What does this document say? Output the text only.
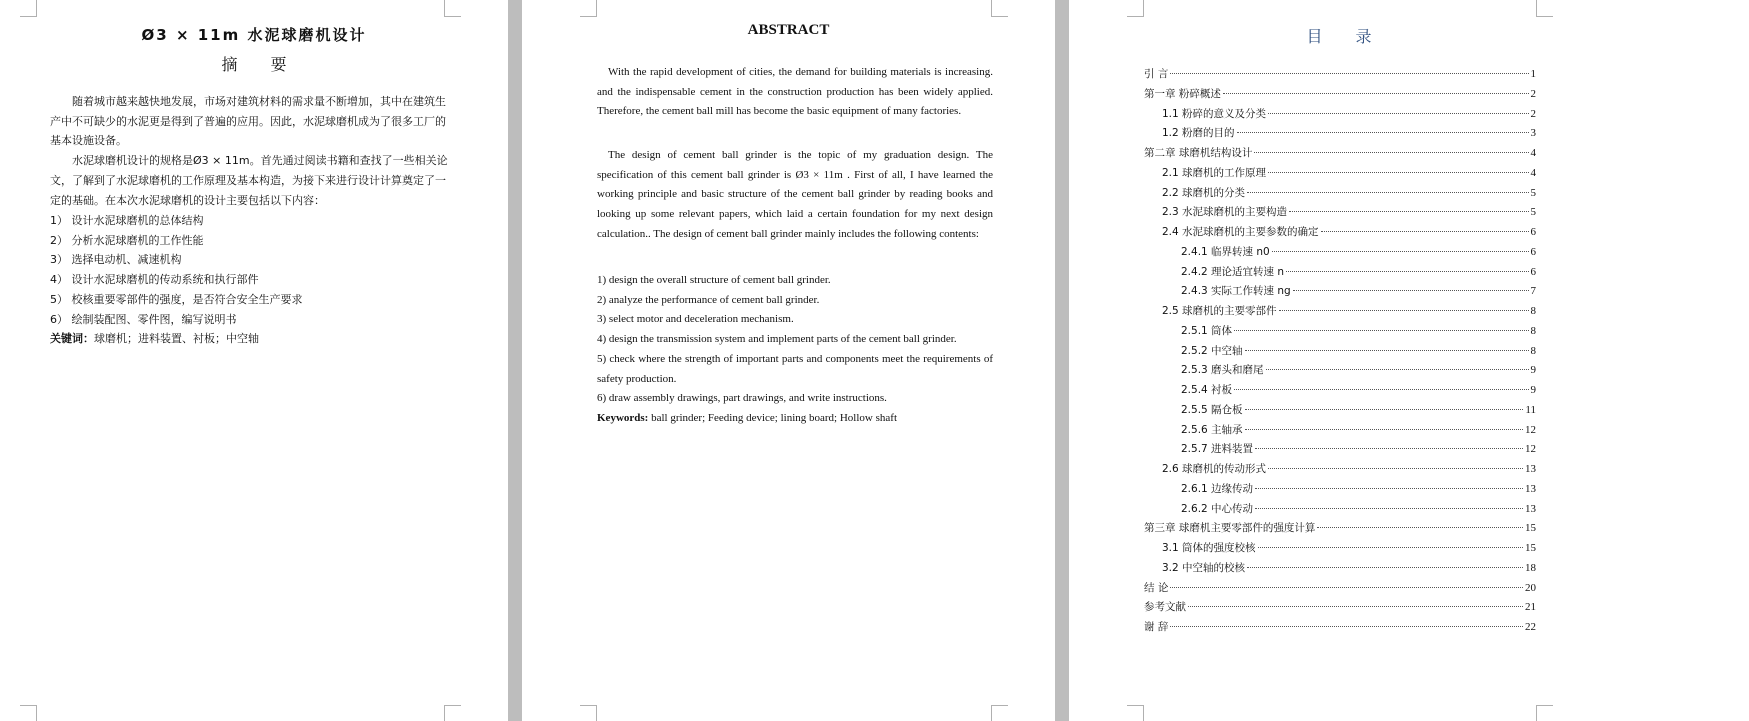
Ø3 × 11m 水泥球磨机设计
摘 要

随着城市越来越快地发展，市场对建筑材料的需求量不断增加，其中在建筑生产中不可缺少的水泥更是得到了普遍的应用。因此，水泥球磨机成为了很多工厂的基本设施设备。

水泥球磨机设计的规格是Ø3 × 11m。首先通过阅读书籍和查找了一些相关论文，了解到了水泥球磨机的工作原理及基本构造，为接下来进行设计计算奠定了一定的基础。在本次水泥球磨机的设计主要包括以下内容：

1） 设计水泥球磨机的总体结构
2） 分析水泥球磨机的工作性能
3） 选择电动机、减速机构
4） 设计水泥球磨机的传动系统和执行部件
5） 校核重要零部件的强度，是否符合安全生产要求
6） 绘制装配图、零件图，编写说明书
关键词：球磨机；进料装置、衬板；中空轴
ABSTRACT

With the rapid development of cities, the demand for building materials is increasing. and the indispensable cement in the construction production has been widely applied. Therefore, the cement ball mill has become the basic equipment of many factories.

The design of cement ball grinder is the topic of my graduation design. The specification of this cement ball grinder is Ø3 × 11m . First of all, I have learned the working principle and basic structure of the cement ball grinder by reading books and looking up some relevant papers, which laid a certain foundation for my next design calculation.. The design of cement ball grinder mainly includes the following contents:

1) design the overall structure of cement ball grinder.
2) analyze the performance of cement ball grinder.
3) select motor and deceleration mechanism.
4) design the transmission system and implement parts of the cement ball grinder.
5) check where the strength of important parts and components meet the requirements of safety production.
6) draw assembly drawings, part drawings, and write instructions.
Keywords: ball grinder; Feeding device; lining board; Hollow shaft
目 录
引 言	1
第一章 粉碎概述	2
1.1 粉碎的意义及分类	2
1.2 粉磨的目的	3
第二章 球磨机结构设计	4
2.1 球磨机的工作原理	4
2.2 球磨机的分类	5
2.3 水泥球磨机的主要构造	5
2.4 水泥球磨机的主要参数的确定	6
2.4.1 临界转速 n0	6
2.4.2 理论适宜转速 n	6
2.4.3 实际工作转速 ng	7
2.5 球磨机的主要零部件	8
2.5.1 筒体	8
2.5.2 中空轴	8
2.5.3 磨头和磨尾	9
2.5.4 衬板	9
2.5.5 隔仓板	11
2.5.6 主轴承	12
2.5.7 进料装置	12
2.6 球磨机的传动形式	13
2.6.1 边缘传动	13
2.6.2 中心传动	13
第三章 球磨机主要零部件的强度计算	15
3.1 筒体的强度校核	15
3.2 中空轴的校核	18
结 论	20
参考文献	21
谢 辞	22
